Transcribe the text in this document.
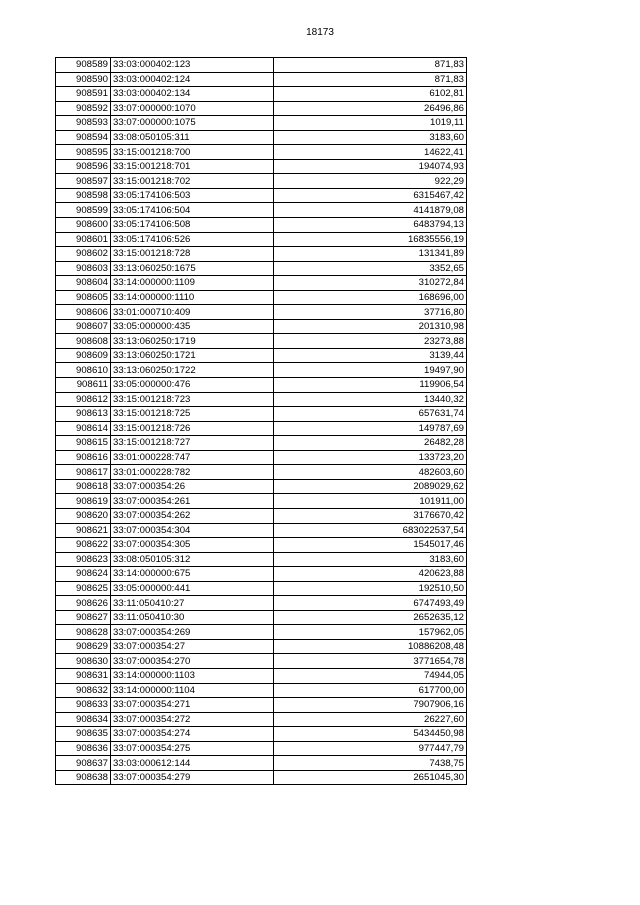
18173
908589	33:03:000402:123	871,83
908590	33:03:000402:124	871,83
908591	33:03:000402:134	6102,81
908592	33:07:000000:1070	26496,86
908593	33:07:000000:1075	1019,11
908594	33:08:050105:311	3183,60
908595	33:15:001218:700	14622,41
908596	33:15:001218:701	194074,93
908597	33:15:001218:702	922,29
908598	33:05:174106:503	6315467,42
908599	33:05:174106:504	4141879,08
908600	33:05:174106:508	6483794,13
908601	33:05:174106:526	16835556,19
908602	33:15:001218:728	131341,89
908603	33:13:060250:1675	3352,65
908604	33:14:000000:1109	310272,84
908605	33:14:000000:1110	168696,00
908606	33:01:000710:409	37716,80
908607	33:05:000000:435	201310,98
908608	33:13:060250:1719	23273,88
908609	33:13:060250:1721	3139,44
908610	33:13:060250:1722	19497,90
908611	33:05:000000:476	119906,54
908612	33:15:001218:723	13440,32
908613	33:15:001218:725	657631,74
908614	33:15:001218:726	149787,69
908615	33:15:001218:727	26482,28
908616	33:01:000228:747	133723,20
908617	33:01:000228:782	482603,60
908618	33:07:000354:26	2089029,62
908619	33:07:000354:261	101911,00
908620	33:07:000354:262	3176670,42
908621	33:07:000354:304	683022537,54
908622	33:07:000354:305	1545017,46
908623	33:08:050105:312	3183,60
908624	33:14:000000:675	420623,88
908625	33:05:000000:441	192510,50
908626	33:11:050410:27	6747493,49
908627	33:11:050410:30	2652635,12
908628	33:07:000354:269	157962,05
908629	33:07:000354:27	10886208,48
908630	33:07:000354:270	3771654,78
908631	33:14:000000:1103	74944,05
908632	33:14:000000:1104	617700,00
908633	33:07:000354:271	7907906,16
908634	33:07:000354:272	26227,60
908635	33:07:000354:274	5434450,98
908636	33:07:000354:275	977447,79
908637	33:03:000612:144	7438,75
908638	33:07:000354:279	2651045,30
